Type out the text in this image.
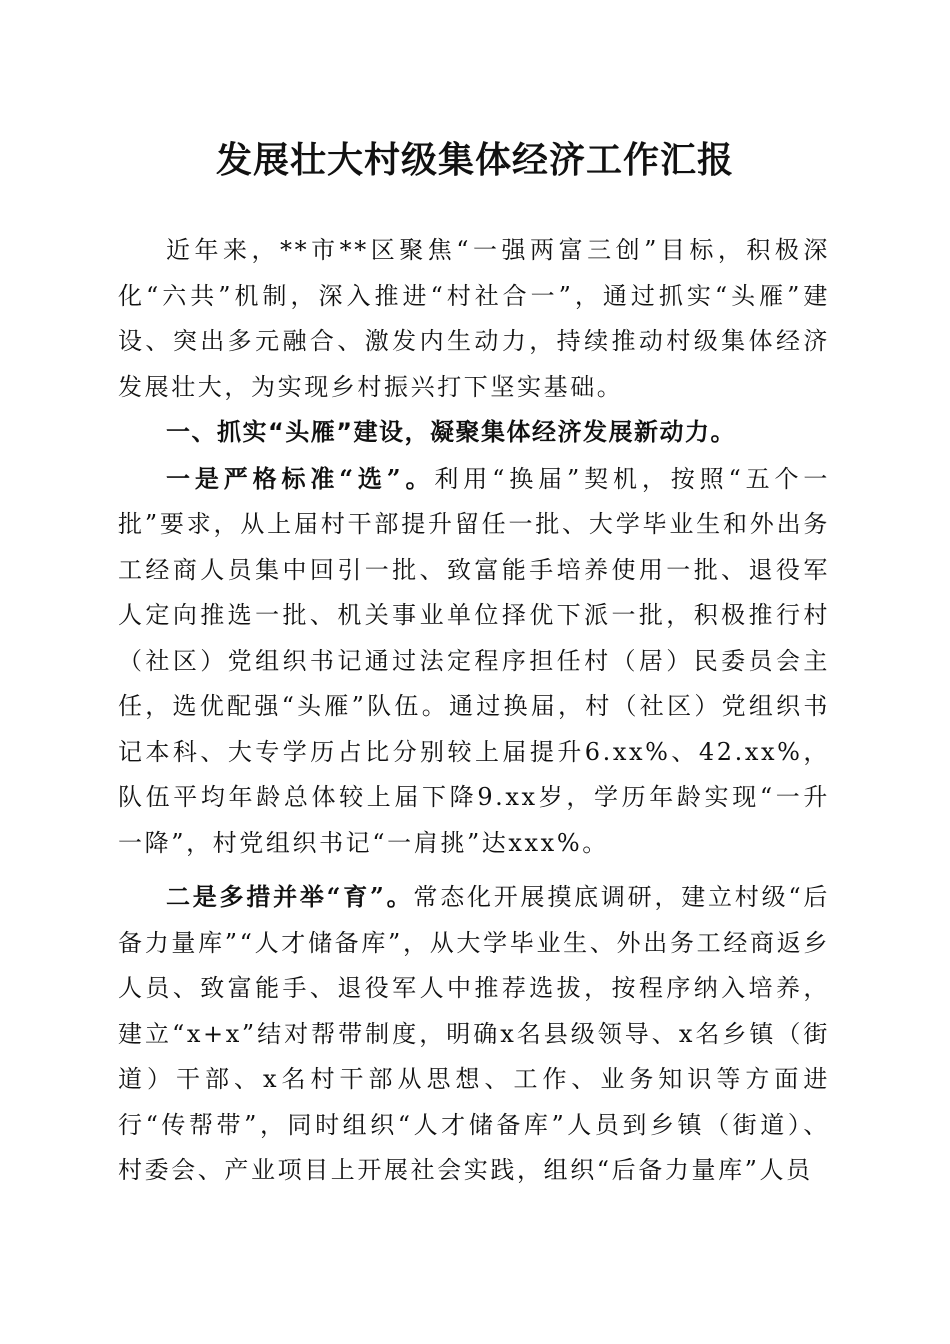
发展壮大村级集体经济工作汇报

近年来，**市**区聚焦“一强两富三创”目标，积极深化“六共”机制，深入推进“村社合一”，通过抓实“头雁”建设、突出多元融合、激发内生动力，持续推动村级集体经济发展壮大，为实现乡村振兴打下坚实基础。

一、抓实“头雁”建设，凝聚集体经济发展新动力。

一是严格标准“选”。利用“换届”契机，按照“五个一批”要求，从上届村干部提升留任一批、大学毕业生和外出务工经商人员集中回引一批、致富能手培养使用一批、退役军人定向推选一批、机关事业单位择优下派一批，积极推行村（社区）党组织书记通过法定程序担任村（居）民委员会主任，选优配强“头雁”队伍。通过换届，村（社区）党组织书记本科、大专学历占比分别较上届提升6.xx%、42.xx%，队伍平均年龄总体较上届下降9.xx岁，学历年龄实现“一升一降”，村党组织书记“一肩挑”达xxx%。

二是多措并举“育”。常态化开展摸底调研，建立村级“后备力量库”“人才储备库”，从大学毕业生、外出务工经商返乡人员、致富能手、退役军人中推荐选拔，按程序纳入培养，建立“x+x”结对帮带制度，明确x名县级领导、x名乡镇（街道）干部、x名村干部从思想、工作、业务知识等方面进行“传帮带”，同时组织“人才储备库”人员到乡镇（街道）、村委会、产业项目上开展社会实践，组织“后备力量库”人员
